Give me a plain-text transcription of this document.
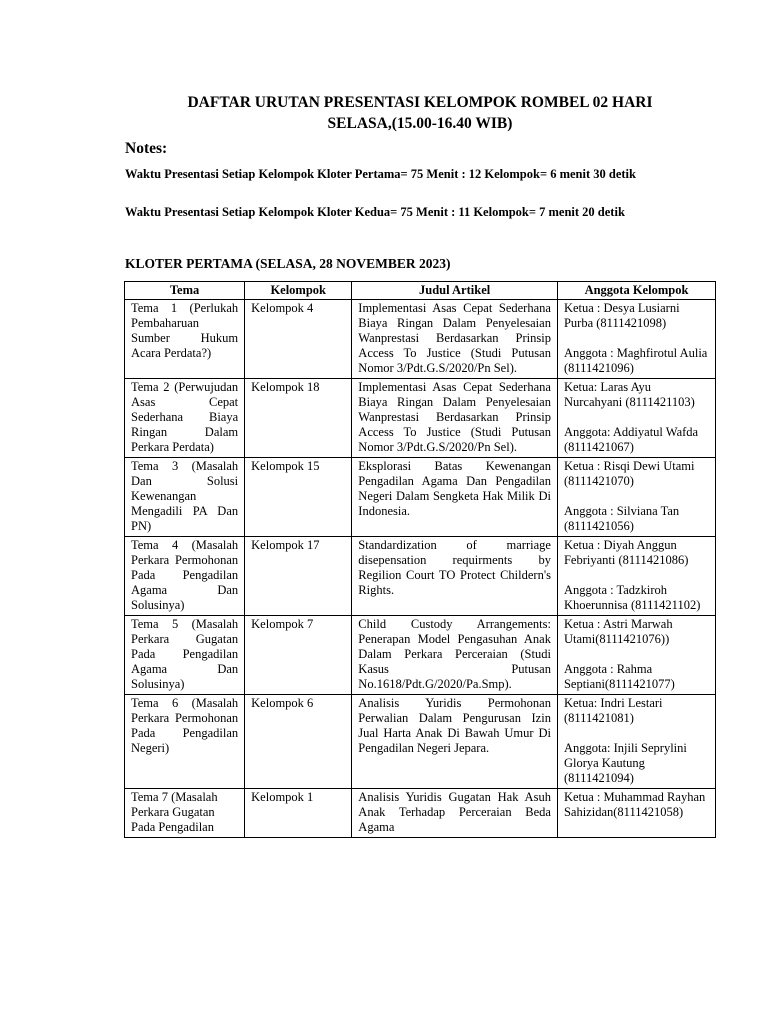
DAFTAR URUTAN PRESENTASI KELOMPOK ROMBEL 02 HARI
SELASA,(15.00-16.40 WIB)
Notes:
Waktu Presentasi Setiap Kelompok Kloter Pertama= 75 Menit : 12 Kelompok= 6 menit 30 detik
Waktu Presentasi Setiap Kelompok Kloter Kedua= 75 Menit : 11 Kelompok= 7 menit 20 detik
KLOTER PERTAMA (SELASA, 28 NOVEMBER 2023)
Tema	Kelompok	Judul Artikel	Anggota Kelompok
Tema 1 (Perlukah Pembaharuan Sumber Hukum Acara Perdata?)	Kelompok 4	Implementasi Asas Cepat Sederhana Biaya Ringan Dalam Penyelesaian Wanprestasi Berdasarkan Prinsip Access To Justice (Studi Putusan Nomor 3/Pdt.G.S/2020/Pn Sel).	Ketua : Desya Lusiarni Purba (8111421098)
Anggota : Maghfirotul Aulia (8111421096)

Tema 2 (Perwujudan Asas Cepat Sederhana Biaya Ringan Dalam Perkara Perdata)	Kelompok 18	Implementasi Asas Cepat Sederhana Biaya Ringan Dalam Penyelesaian Wanprestasi Berdasarkan Prinsip Access To Justice (Studi Putusan Nomor 3/Pdt.G.S/2020/Pn Sel).	Ketua: Laras Ayu Nurcahyani (8111421103)
Anggota: Addiyatul Wafda (8111421067)

Tema 3 (Masalah Dan Solusi Kewenangan Mengadili PA Dan PN)	Kelompok 15	Eksplorasi Batas Kewenangan Pengadilan Agama Dan Pengadilan Negeri Dalam Sengketa Hak Milik Di Indonesia.	Ketua : Risqi Dewi Utami (8111421070)
Anggota : Silviana Tan (8111421056)

Tema 4 (Masalah Perkara Permohonan Pada Pengadilan Agama Dan Solusinya)	Kelompok 17	Standardization of marriage disepensation requirments by Regilion Court TO Protect Childern's Rights.	Ketua : Diyah Anggun Febriyanti (8111421086)
Anggota : Tadzkiroh Khoerunnisa (8111421102)

Tema 5 (Masalah Perkara Gugatan Pada Pengadilan Agama Dan Solusinya)	Kelompok 7	Child Custody Arrangements: Penerapan Model Pengasuhan Anak Dalam Perkara Perceraian (Studi Kasus Putusan No.1618/Pdt.G/2020/Pa.Smp).	Ketua : Astri Marwah Utami(8111421076))
Anggota : Rahma Septiani(8111421077)

Tema 6 (Masalah Perkara Permohonan Pada Pengadilan Negeri)	Kelompok 6	Analisis Yuridis Permohonan Perwalian Dalam Pengurusan Izin Jual Harta Anak Di Bawah Umur Di Pengadilan Negeri Jepara.	Ketua: Indri Lestari (8111421081)
Anggota: Injili Seprylini Glorya Kautung (8111421094)

Tema 7 (Masalah Perkara Gugatan Pada Pengadilan	Kelompok 1	Analisis Yuridis Gugatan Hak Asuh Anak Terhadap Perceraian Beda Agama	Ketua : Muhammad Rayhan Sahizidan(8111421058)
